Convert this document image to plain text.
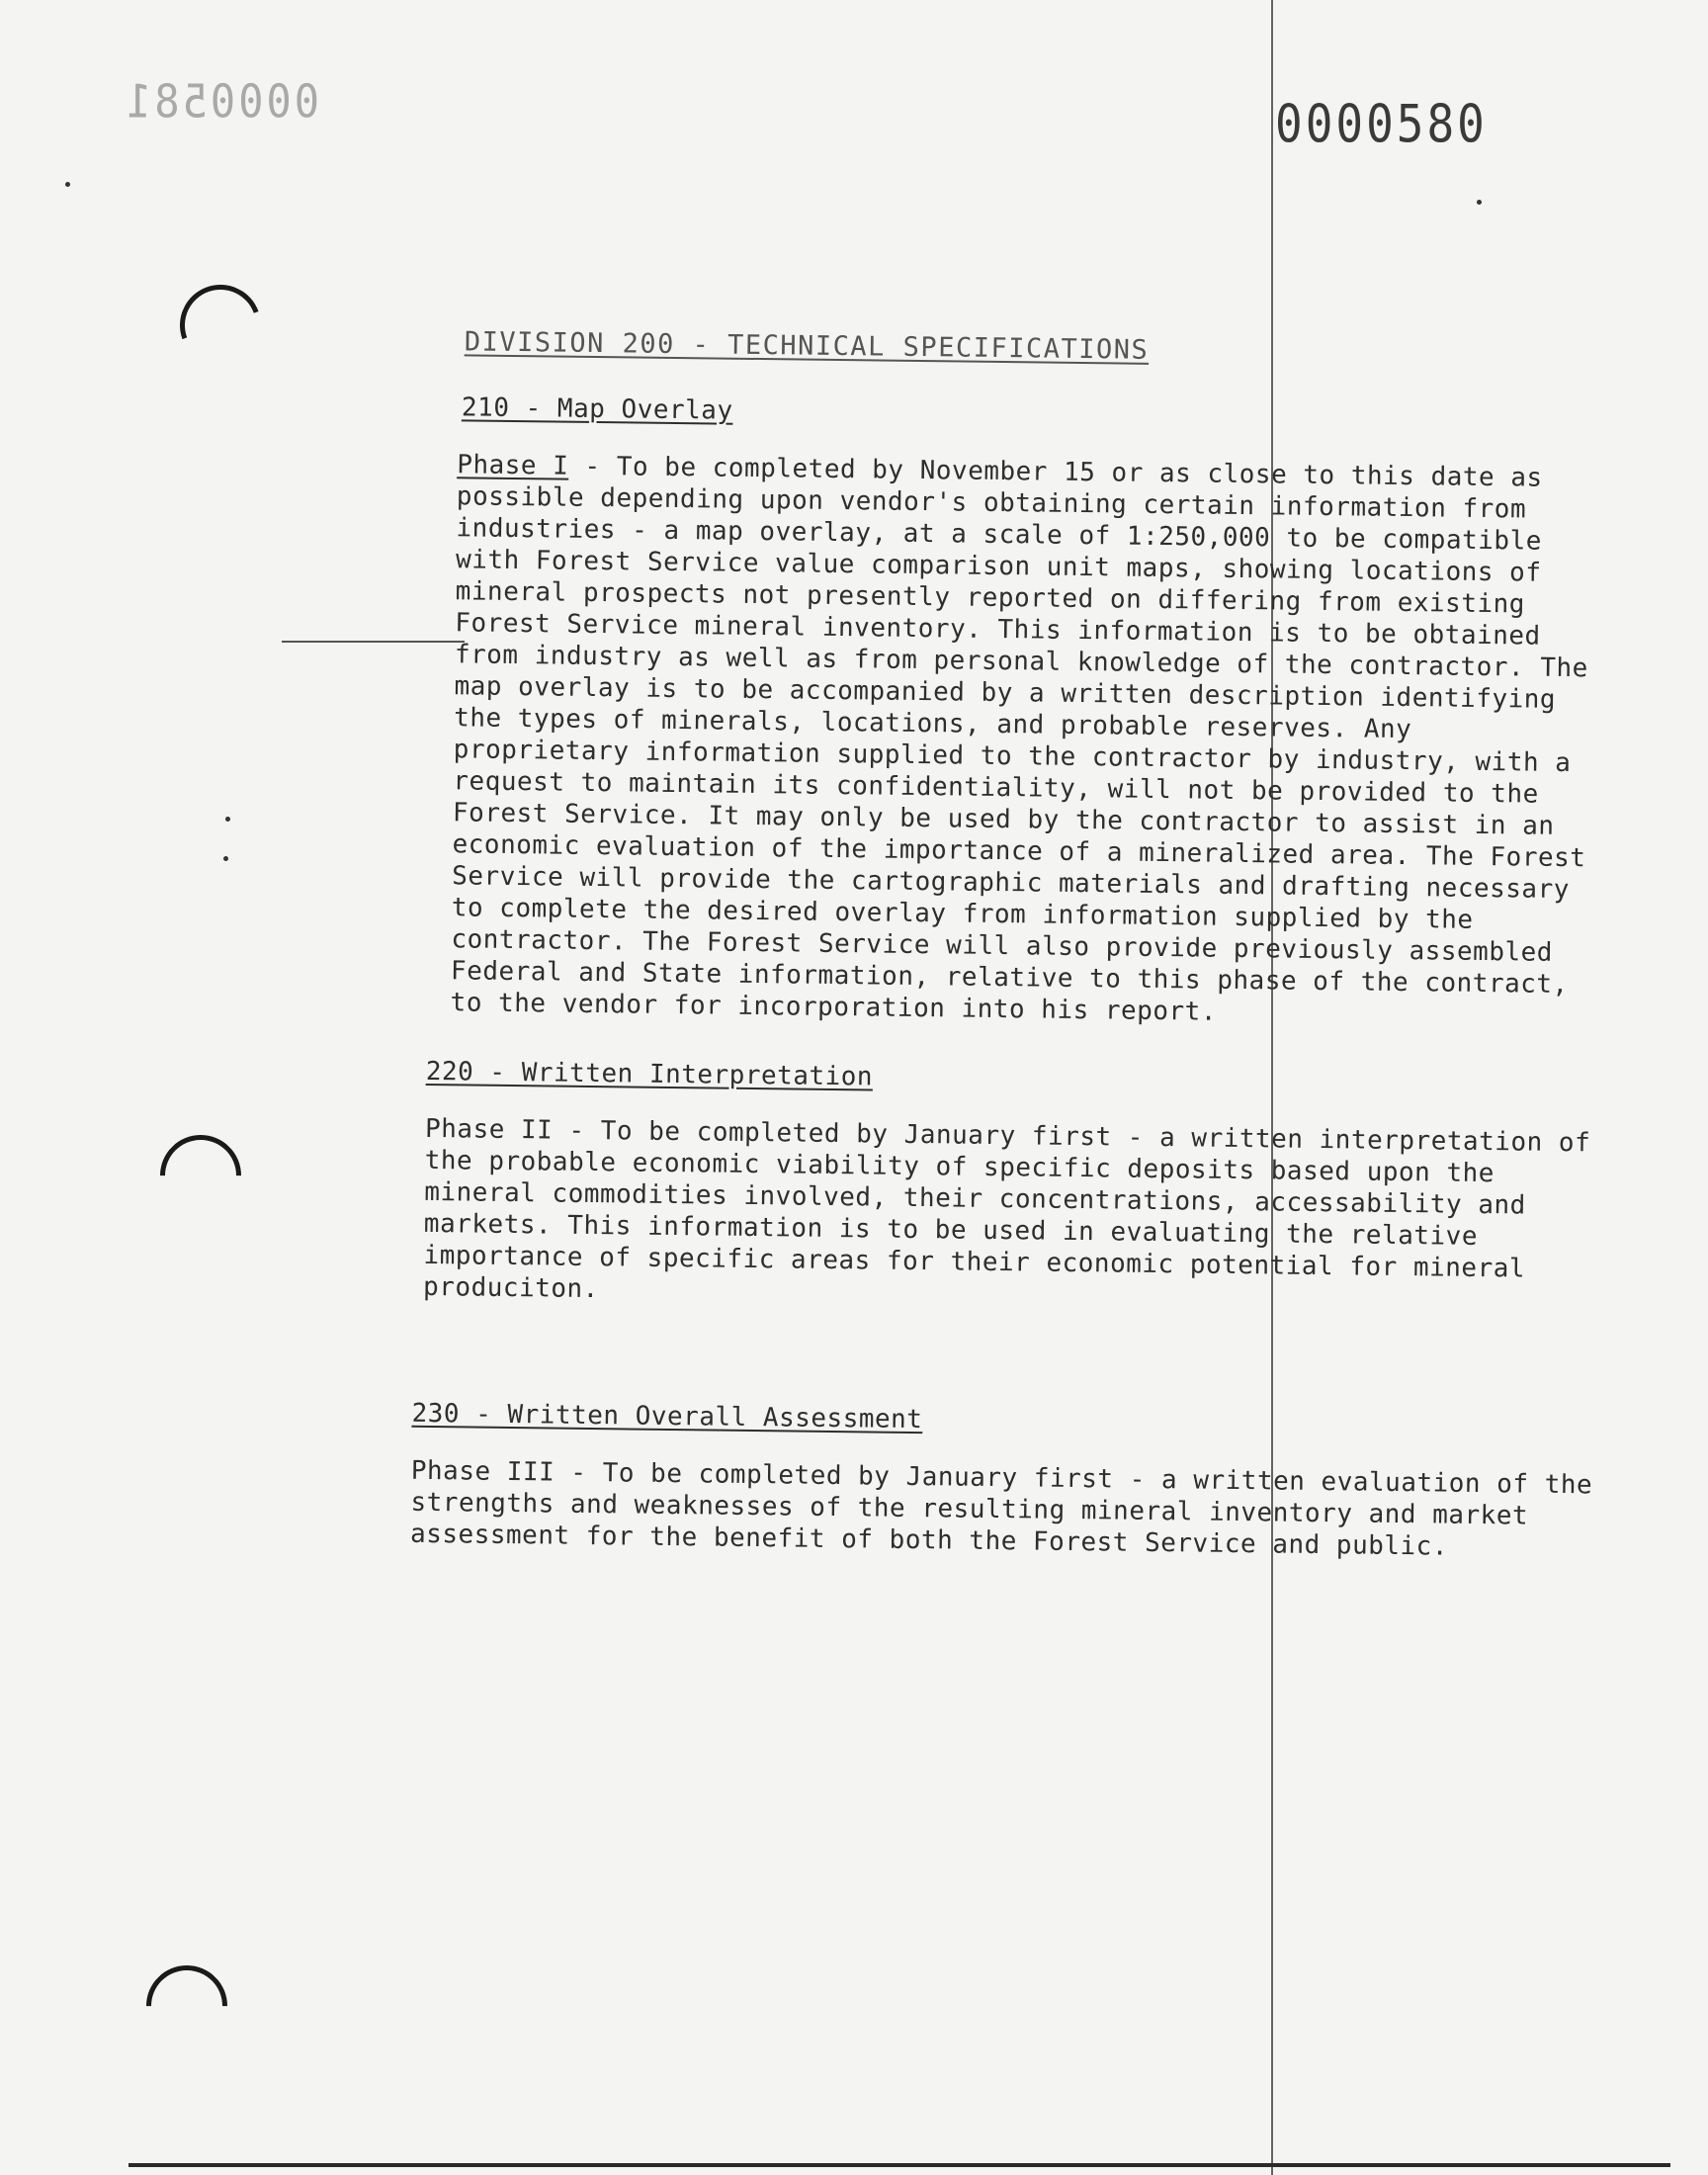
0000581	0000580
DIVISION 200 - TECHNICAL SPECIFICATIONS
210 - Map Overlay
Phase I - To be completed by November 15 or as close to this date as possible depending upon vendor's obtaining certain information from industries - a map overlay, at a scale of 1:250,000 to be compatible with Forest Service value comparison unit maps, showing locations of mineral prospects not presently reported on differing from existing Forest Service mineral inventory. This information is to be obtained from industry as well as from personal knowledge of the contractor. The map overlay is to be accompanied by a written description identifying the types of minerals, locations, and probable reserves. Any proprietary information supplied to the contractor by industry, with a request to maintain its confidentiality, will not be provided to the Forest Service. It may only be used by the contractor to assist in an economic evaluation of the importance of a mineralized area. The Forest Service will provide the cartographic materials and drafting necessary to complete the desired overlay from information supplied by the contractor. The Forest Service will also provide previously assembled Federal and State information, relative to this phase of the contract, to the vendor for incorporation into his report.
220 - Written Interpretation
Phase II - To be completed by January first - a written interpretation of the probable economic viability of specific deposits based upon the mineral commodities involved, their concentrations, accessability and markets. This information is to be used in evaluating the relative importance of specific areas for their economic potential for mineral produciton.
230 - Written Overall Assessment
Phase III - To be completed by January first - a written evaluation of the strengths and weaknesses of the resulting mineral inventory and market assessment for the benefit of both the Forest Service and public.
